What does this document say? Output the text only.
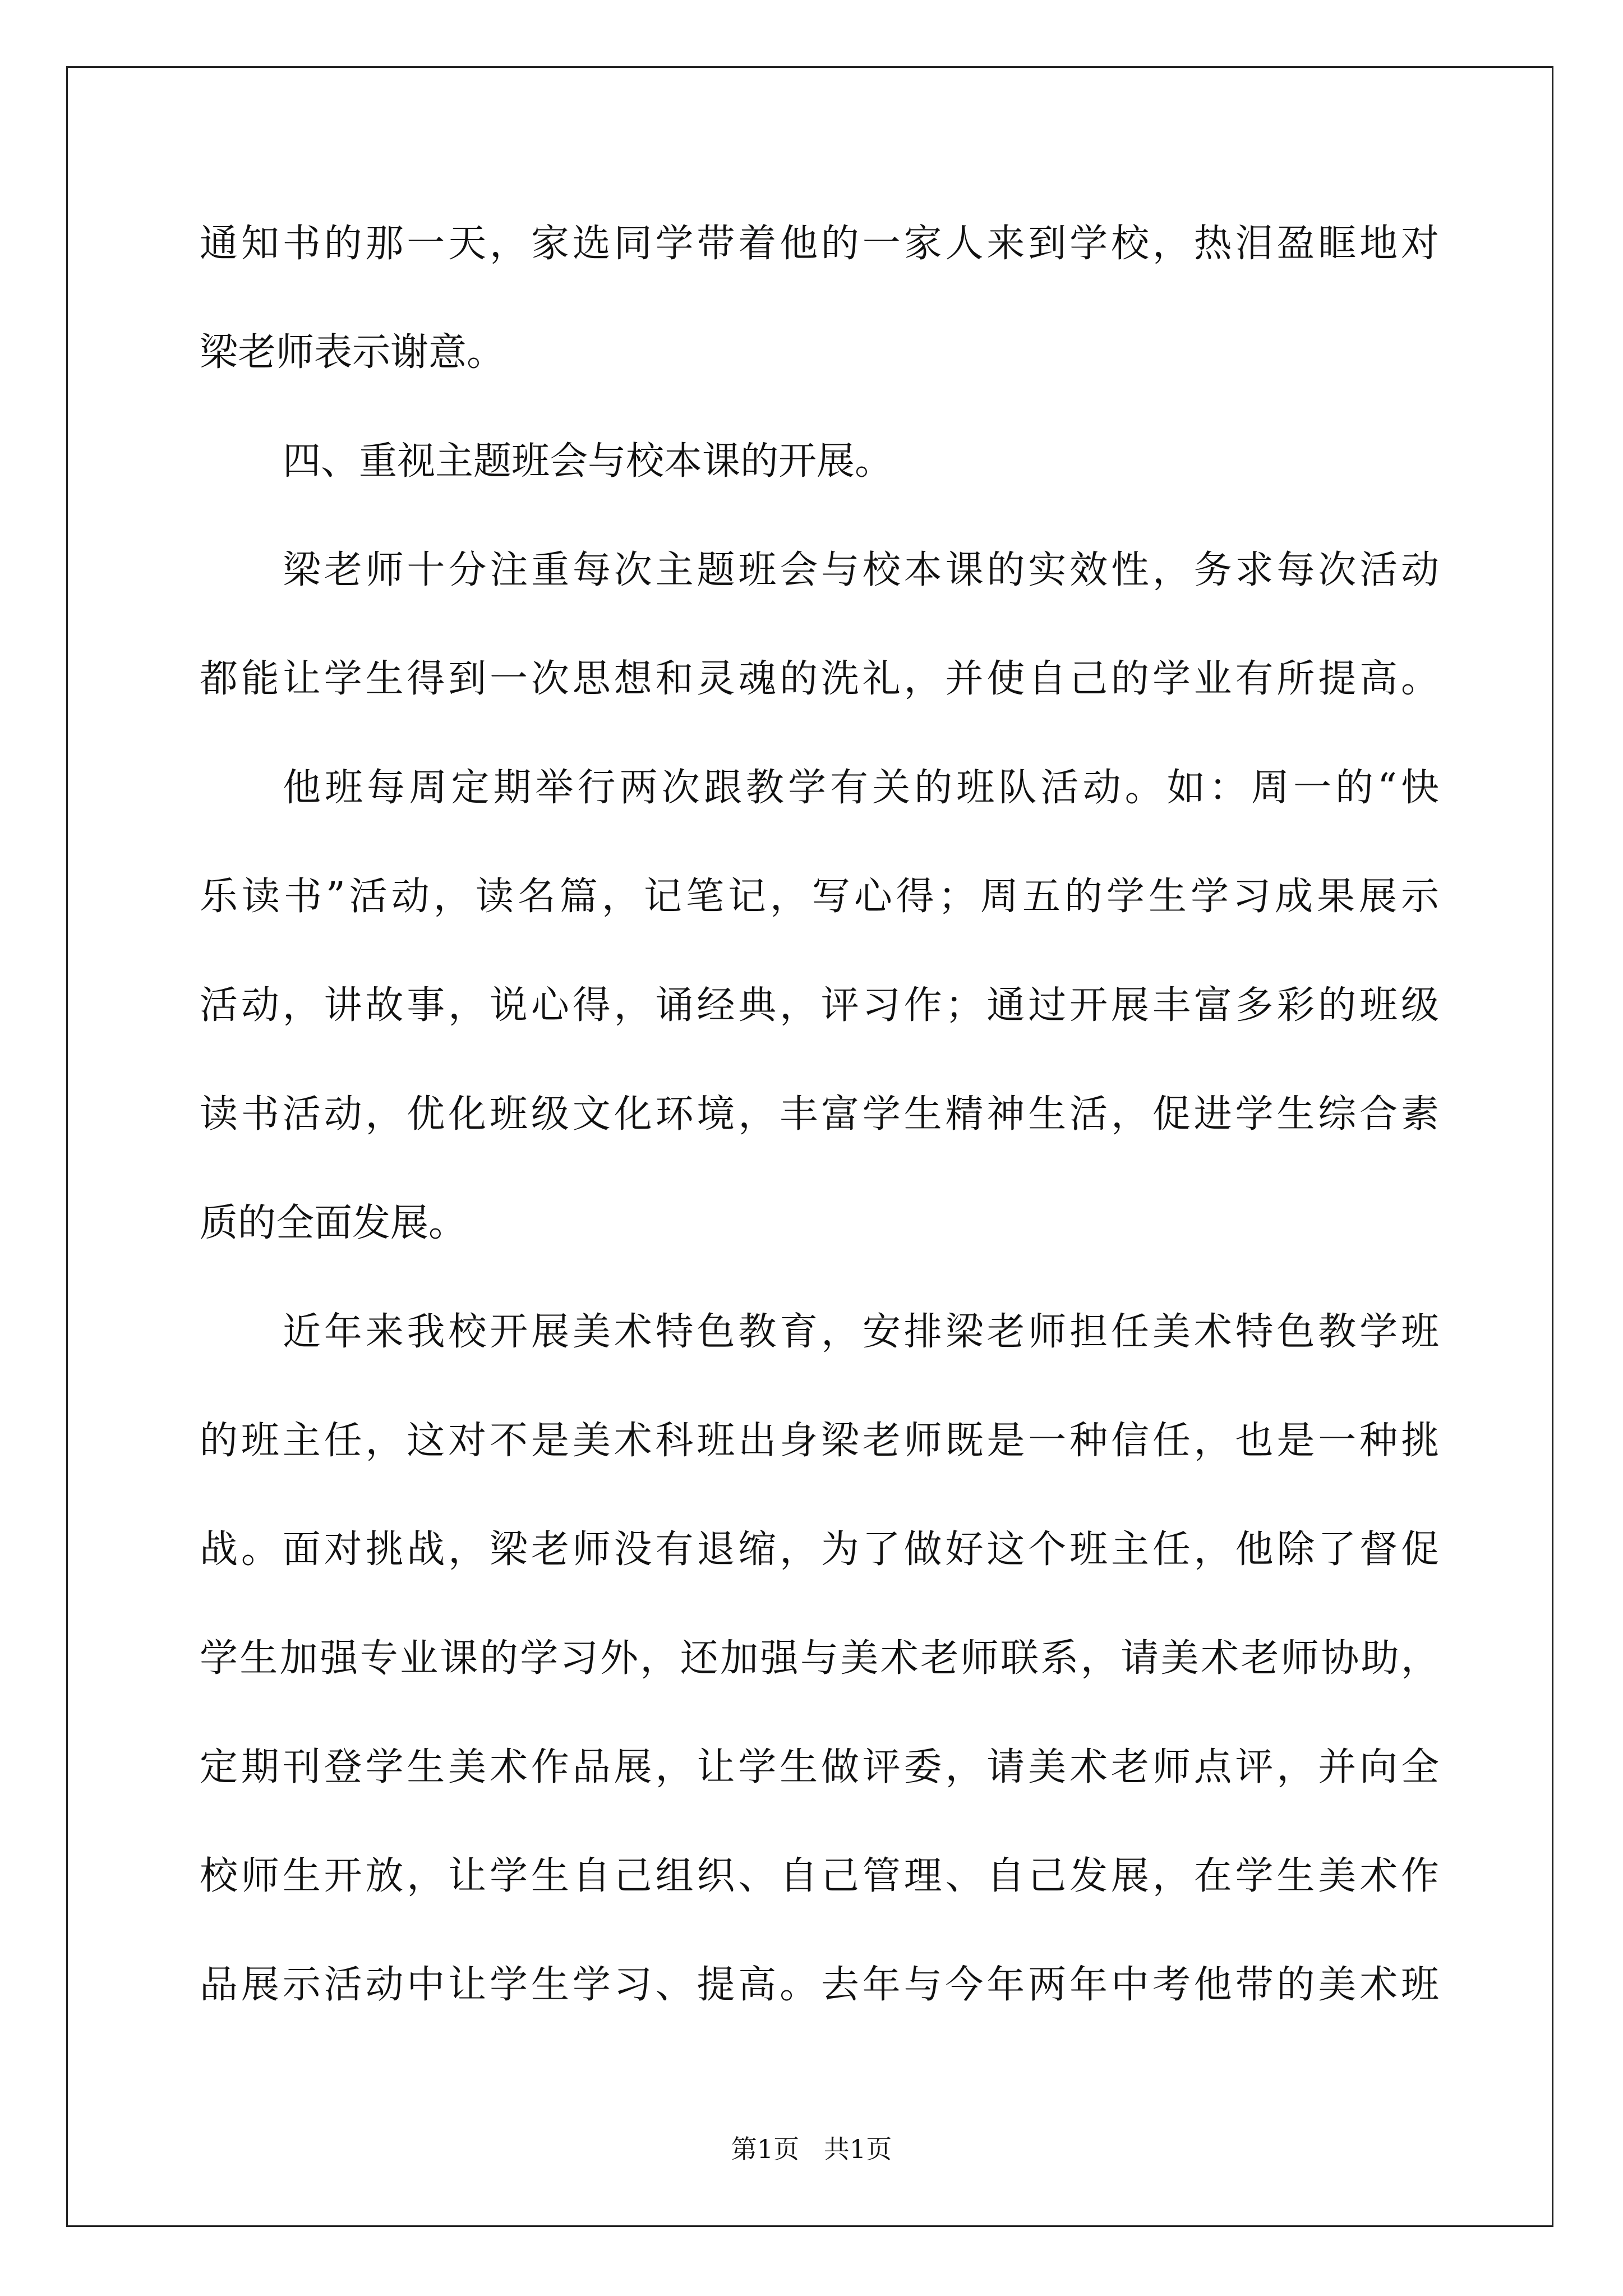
通知书的那一天，家选同学带着他的一家人来到学校，热泪盈眶地对
梁老师表示谢意。
四、重视主题班会与校本课的开展。
梁老师十分注重每次主题班会与校本课的实效性，务求每次活动
都能让学生得到一次思想和灵魂的洗礼，并使自己的学业有所提高。
他班每周定期举行两次跟教学有关的班队活动。如：周一的“快
乐读书”活动，读名篇，记笔记，写心得；周五的学生学习成果展示
活动，讲故事，说心得，诵经典，评习作；通过开展丰富多彩的班级
读书活动，优化班级文化环境，丰富学生精神生活，促进学生综合素
质的全面发展。
近年来我校开展美术特色教育，安排梁老师担任美术特色教学班
的班主任，这对不是美术科班出身梁老师既是一种信任，也是一种挑
战。面对挑战，梁老师没有退缩，为了做好这个班主任，他除了督促
学生加强专业课的学习外，还加强与美术老师联系，请美术老师协助，
定期刊登学生美术作品展，让学生做评委，请美术老师点评，并向全
校师生开放，让学生自己组织、自己管理、自己发展，在学生美术作
品展示活动中让学生学习、提高。去年与今年两年中考他带的美术班
第1页   共1页
